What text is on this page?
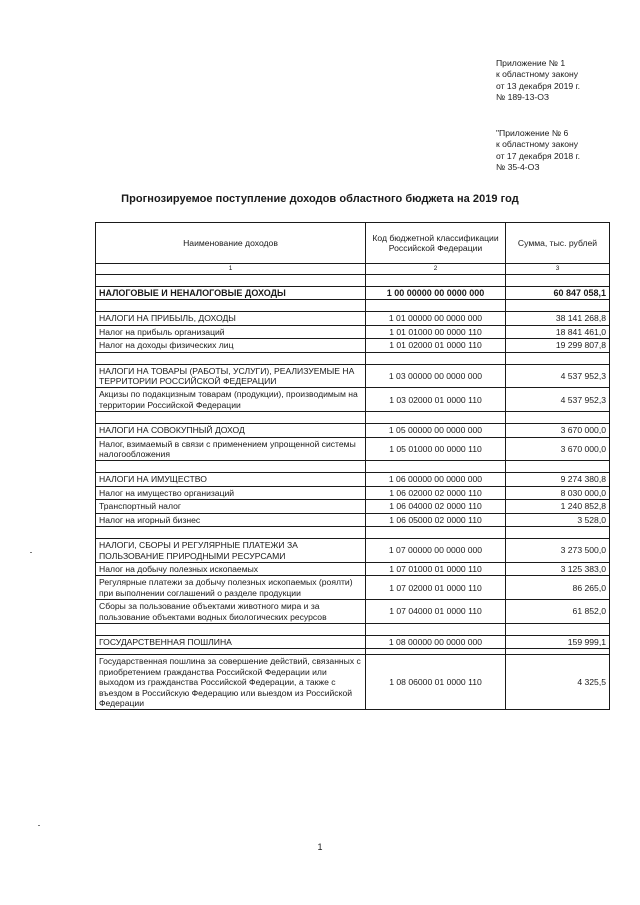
Приложение № 1
к областному закону
от 13 декабря 2019 г.
№ 189-13-ОЗ
"Приложение № 6
к областному закону
от 17 декабря 2018 г.
№ 35-4-ОЗ
Прогнозируемое поступление доходов областного бюджета на 2019 год
Наименование доходов	Код бюджетной классификации Российской Федерации	Сумма, тыс. рублей
1	2	3

НАЛОГОВЫЕ И НЕНАЛОГОВЫЕ ДОХОДЫ	1 00 00000 00 0000 000	60 847 058,1

НАЛОГИ НА ПРИБЫЛЬ, ДОХОДЫ	1 01 00000 00 0000 000	38 141 268,8
Налог на прибыль организаций	1 01 01000 00 0000 110	18 841 461,0
Налог на доходы физических лиц	1 01 02000 01 0000 110	19 299 807,8

НАЛОГИ НА ТОВАРЫ (РАБОТЫ, УСЛУГИ), РЕАЛИЗУЕМЫЕ НА ТЕРРИТОРИИ РОССИЙСКОЙ ФЕДЕРАЦИИ	1 03 00000 00 0000 000	4 537 952,3
Акцизы по подакцизным товарам (продукции), производимым на территории Российской Федерации	1 03 02000 01 0000 110	4 537 952,3

НАЛОГИ НА СОВОКУПНЫЙ ДОХОД	1 05 00000 00 0000 000	3 670 000,0
Налог, взимаемый в связи с применением упрощенной системы налогообложения	1 05 01000 00 0000 110	3 670 000,0

НАЛОГИ НА ИМУЩЕСТВО	1 06 00000 00 0000 000	9 274 380,8
Налог на имущество организаций	1 06 02000 02 0000 110	8 030 000,0
Транспортный налог	1 06 04000 02 0000 110	1 240 852,8
Налог на игорный бизнес	1 06 05000 02 0000 110	3 528,0

НАЛОГИ, СБОРЫ И РЕГУЛЯРНЫЕ ПЛАТЕЖИ ЗА ПОЛЬЗОВАНИЕ ПРИРОДНЫМИ РЕСУРСАМИ	1 07 00000 00 0000 000	3 273 500,0
Налог на добычу полезных ископаемых	1 07 01000 01 0000 110	3 125 383,0
Регулярные платежи за добычу полезных ископаемых (роялти) при выполнении соглашений о разделе продукции	1 07 02000 01 0000 110	86 265,0
Сборы за пользование объектами животного мира и за пользование объектами водных биологических ресурсов	1 07 04000 01 0000 110	61 852,0

ГОСУДАРСТВЕННАЯ ПОШЛИНА	1 08 00000 00 0000 000	159 999,1

Государственная пошлина за совершение действий, связанных с приобретением гражданства Российской Федерации или выходом из гражданства Российской Федерации, а также с въездом в Российскую Федерацию или выездом из Российской Федерации	1 08 06000 01 0000 110	4 325,5
1
